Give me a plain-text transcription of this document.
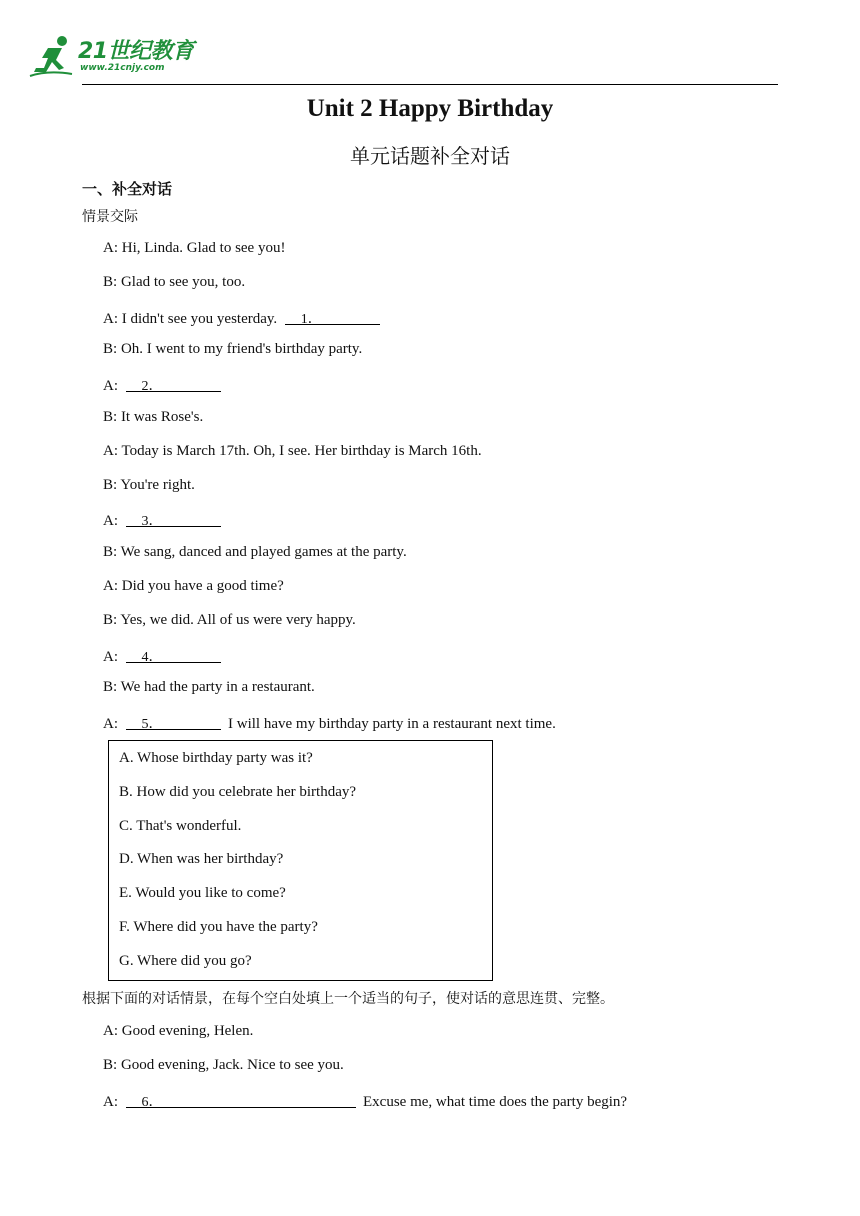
21世纪教育
www.21cnjy.com
Unit 2 Happy Birthday
单元话题补全对话
一、补全对话
情景交际
A: Hi, Linda. Glad to see you!
B: Glad to see you, too.
A: I didn't see you yesterday. 1．
B: Oh. I went to my friend's birthday party.
A: 2．
B: It was Rose's.
A: Today is March 17th. Oh, I see. Her birthday is March 16th.
B: You're right.
A: 3．
B: We sang, danced and played games at the party.
A: Did you have a good time?
B: Yes, we did. All of us were very happy.
A: 4．
B: We had the party in a restaurant.
A: 5．	I will have my birthday party in a restaurant next time.
A. Whose birthday party was it?
B. How did you celebrate her birthday?
C. That's wonderful.
D. When was her birthday?
E. Would you like to come?
F. Where did you have the party?
G. Where did you go?
根据下面的对话情景，在每个空白处填上一个适当的句子，使对话的意思连贯、完整。
A: Good evening, Helen.
B: Good evening, Jack. Nice to see you.
A: 6．	Excuse me, what time does the party begin?
